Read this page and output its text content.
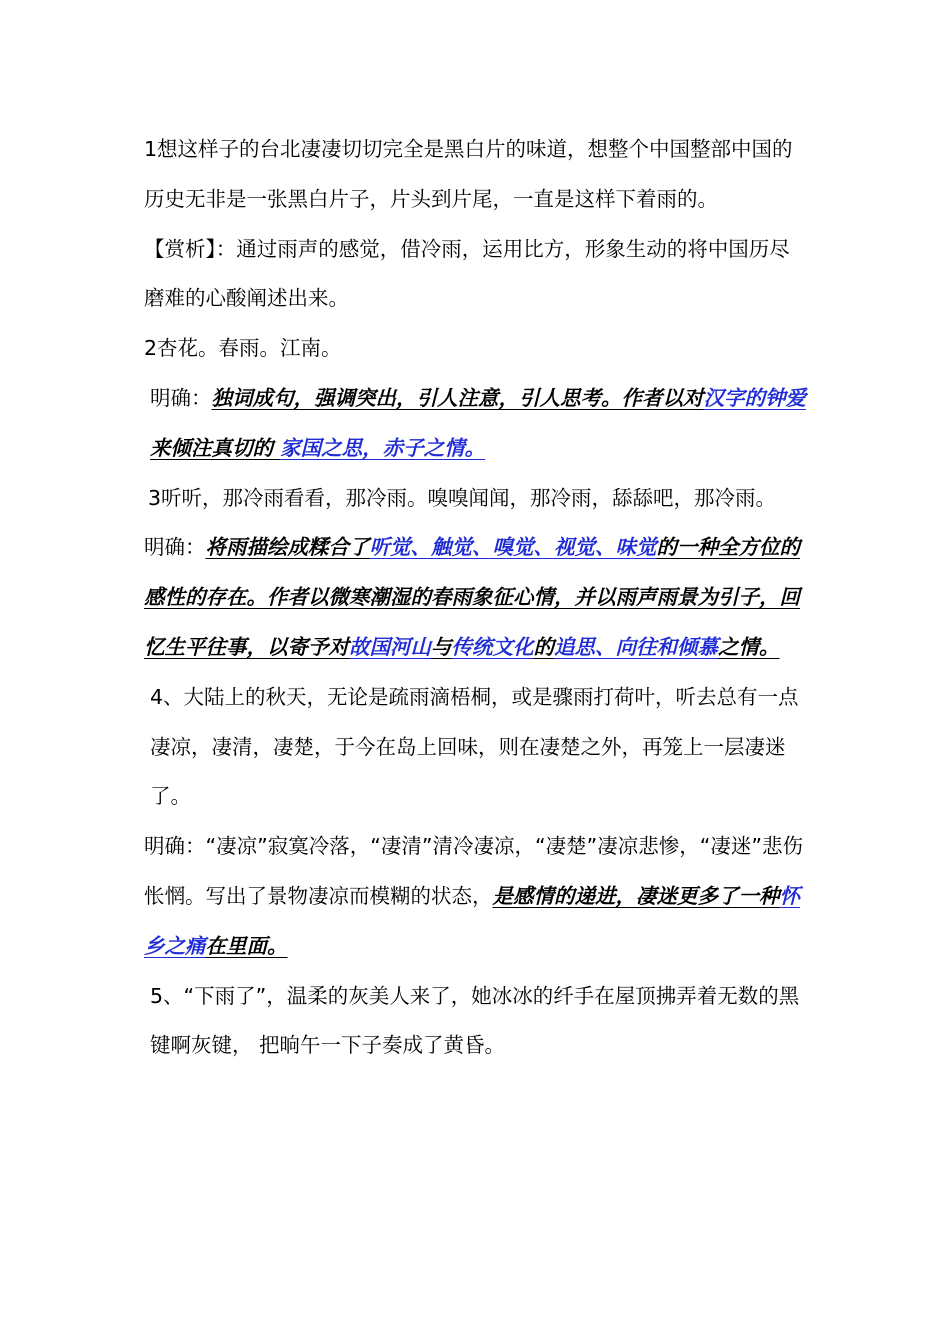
1想这样子的台北凄凄切切完全是黑白片的味道，想整个中国整部中国的历史无非是一张黑白片子，片头到片尾，一直是这样下着雨的。

【赏析】：通过雨声的感觉，借冷雨，运用比方，形象生动的将中国历尽磨难的心酸阐述出来。

2杏花。春雨。江南。

明确：独词成句，强调突出，引人注意，引人思考。作者以对汉字的钟爱来倾注真切的 家国之思，赤子之情。

3听听，那冷雨看看，那冷雨。嗅嗅闻闻，那冷雨，舔舔吧，那冷雨。

明确：将雨描绘成糅合了听觉、触觉、嗅觉、视觉、味觉的一种全方位的感性的存在。作者以微寒潮湿的春雨象征心情，并以雨声雨景为引子，回忆生平往事，以寄予对故国河山与传统文化的追思、向往和倾慕之情。

4、大陆上的秋天，无论是疏雨滴梧桐，或是骤雨打荷叶，听去总有一点凄凉，凄清，凄楚，于今在岛上回味，则在凄楚之外，再笼上一层凄迷了。

明确：“凄凉”寂寞冷落，“凄清”清冷凄凉，“凄楚”凄凉悲惨，“凄迷”悲伤怅惘。写出了景物凄凉而模糊的状态，是感情的递进，凄迷更多了一种怀乡之痛在里面。

5、“下雨了”，温柔的灰美人来了，她冰冰的纤手在屋顶拂弄着无数的黑键啊灰键， 把晌午一下子奏成了黄昏。
